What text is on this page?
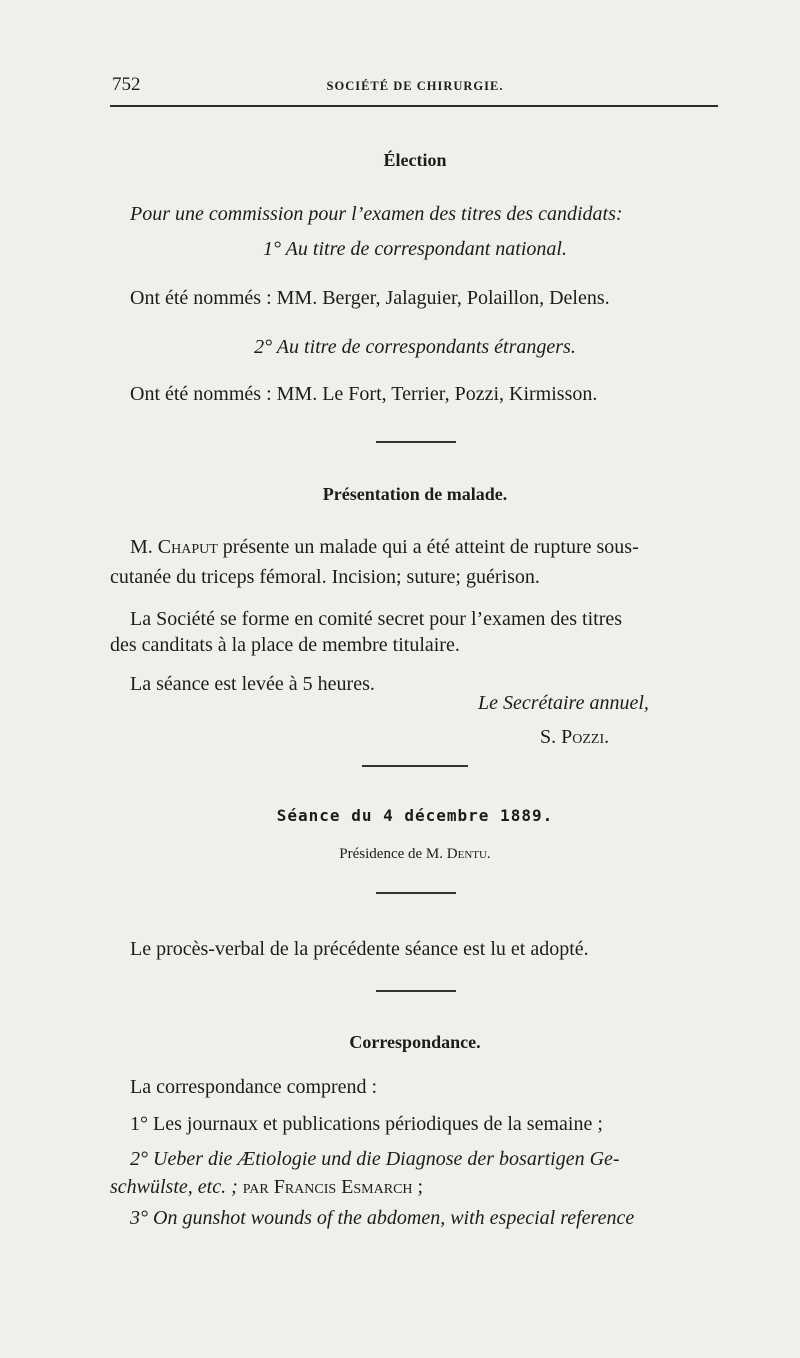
752	SOCIÉTÉ DE CHIRURGIE.
Élection
Pour une commission pour l’examen des titres des candidats:
1° Au titre de correspondant national.
Ont été nommés : MM. Berger, Jalaguier, Polaillon, Delens.
2° Au titre de correspondants étrangers.
Ont été nommés : MM. Le Fort, Terrier, Pozzi, Kirmisson.
Présentation de malade.
M. Chaput présente un malade qui a été atteint de rupture sous-
cutanée du triceps fémoral. Incision; suture; guérison.
La Société se forme en comité secret pour l’examen des titres
des canditats à la place de membre titulaire.
La séance est levée à 5 heures.
Le Secrétaire annuel,
S. Pozzi.
Séance du 4 décembre 1889.
Présidence de M. Dentu.
Le procès-verbal de la précédente séance est lu et adopté.
Correspondance.
La correspondance comprend :
1° Les journaux et publications périodiques de la semaine ;
2° Ueber die Ætiologie und die Diagnose der bosartigen Ge-
schwülste, etc. ; par Francis Esmarch ;
3° On gunshot wounds of the abdomen, with especial reference
